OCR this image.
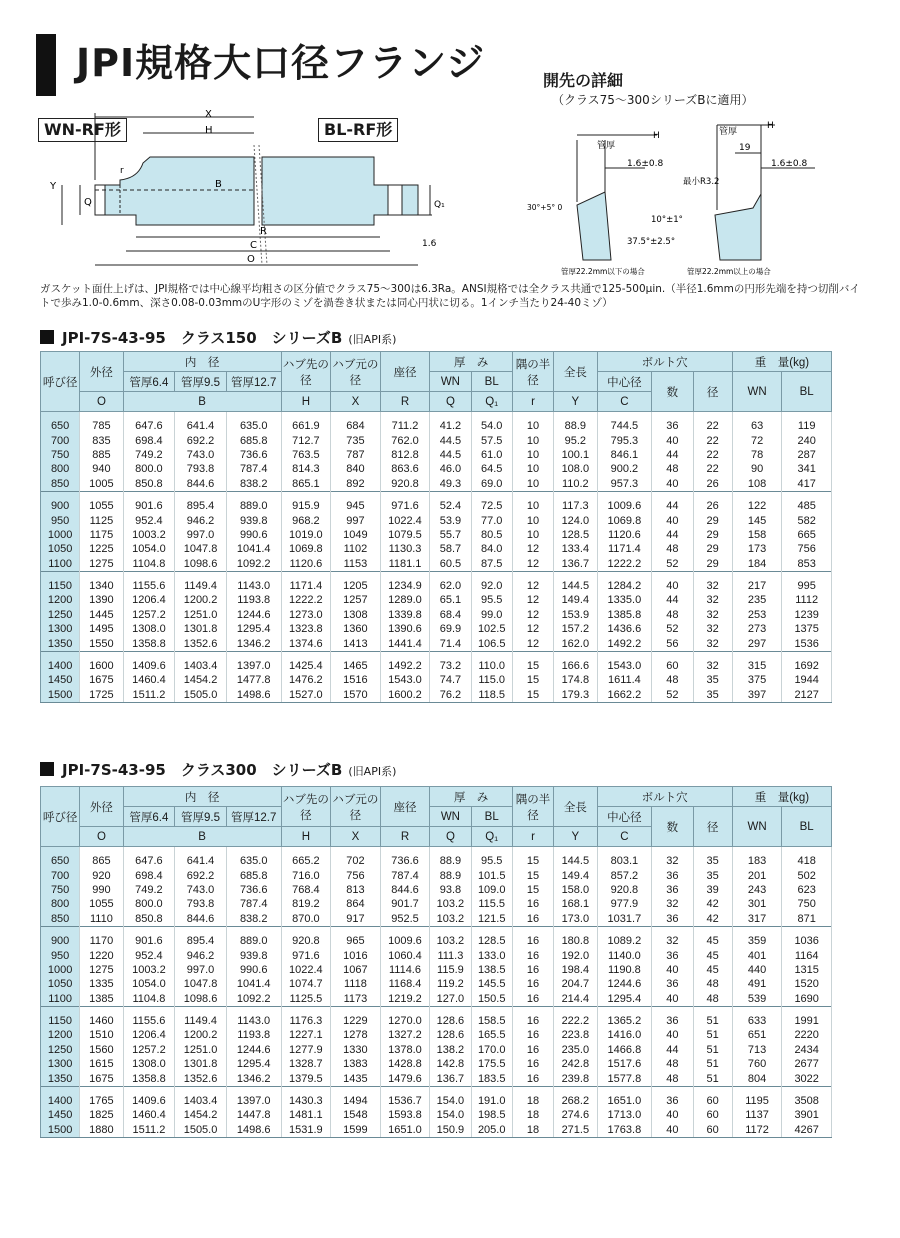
JPI規格大口径フランジ
WN-RF形	BL-RF形
X
H
r
Y
Q
B
R
C
O
Q₁
1.6
開先の詳細
（クラス75～300シリーズBに適用）
H
管厚
1.6±0.8
30°+5° 0
H
管厚
19
最小R3.2
1.6±0.8
10°±1°
37.5°±2.5°
管厚22.2mm以下の場合	管厚22.2mm以上の場合
ガスケット面仕上げは、JPI規格では中心線平均粗さの区分値でクラス75～300は6.3Ra。ANSI規格では全クラス共通で125-500μin.（半径1.6mmの円形先端を持つ切削バイトで歩み1.0-0.6mm、深さ0.08-0.03mmのU字形のミゾを渦巻き状または同心円状に切る。1インチ当たり24-40ミゾ）
JPI-7S-43-95　クラス150　シリーズB (旧API系)
呼び径	外径	内　径			ハブ先の 径	ハブ元の 径	座径	厚　み		隅の半径	全長	ボルト穴			重　量(kg)	
		管厚6.4	管厚9.5	管厚12.7				WN	BL			中心径	数	径	WN	BL
	O	B			H	X	R	Q	Q₁	r	Y	C				
650	785	647.6	641.4	635.0	661.9	684	711.2	41.2	54.0	10	88.9	744.5	36	22	63	119
700	835	698.4	692.2	685.8	712.7	735	762.0	44.5	57.5	10	95.2	795.3	40	22	72	240
750	885	749.2	743.0	736.6	763.5	787	812.8	44.5	61.0	10	100.1	846.1	44	22	78	287
800	940	800.0	793.8	787.4	814.3	840	863.6	46.0	64.5	10	108.0	900.2	48	22	90	341
850	1005	850.8	844.6	838.2	865.1	892	920.8	49.3	69.0	10	110.2	957.3	40	26	108	417
900	1055	901.6	895.4	889.0	915.9	945	971.6	52.4	72.5	10	117.3	1009.6	44	26	122	485
950	1125	952.4	946.2	939.8	968.2	997	1022.4	53.9	77.0	10	124.0	1069.8	40	29	145	582
1000	1175	1003.2	997.0	990.6	1019.0	1049	1079.5	55.7	80.5	10	128.5	1120.6	44	29	158	665
1050	1225	1054.0	1047.8	1041.4	1069.8	1102	1130.3	58.7	84.0	12	133.4	1171.4	48	29	173	756
1100	1275	1104.8	1098.6	1092.2	1120.6	1153	1181.1	60.5	87.5	12	136.7	1222.2	52	29	184	853
1150	1340	1155.6	1149.4	1143.0	1171.4	1205	1234.9	62.0	92.0	12	144.5	1284.2	40	32	217	995
1200	1390	1206.4	1200.2	1193.8	1222.2	1257	1289.0	65.1	95.5	12	149.4	1335.0	44	32	235	1112
1250	1445	1257.2	1251.0	1244.6	1273.0	1308	1339.8	68.4	99.0	12	153.9	1385.8	48	32	253	1239
1300	1495	1308.0	1301.8	1295.4	1323.8	1360	1390.6	69.9	102.5	12	157.2	1436.6	52	32	273	1375
1350	1550	1358.8	1352.6	1346.2	1374.6	1413	1441.4	71.4	106.5	12	162.0	1492.2	56	32	297	1536
1400	1600	1409.6	1403.4	1397.0	1425.4	1465	1492.2	73.2	110.0	15	166.6	1543.0	60	32	315	1692
1450	1675	1460.4	1454.2	1477.8	1476.2	1516	1543.0	74.7	115.0	15	174.8	1611.4	48	35	375	1944
1500	1725	1511.2	1505.0	1498.6	1527.0	1570	1600.2	76.2	118.5	15	179.3	1662.2	52	35	397	2127
JPI-7S-43-95　クラス300　シリーズB (旧API系)
呼び径	外径	内　径			ハブ先の 径	ハブ元の 径	座径	厚　み		隅の半径	全長	ボルト穴			重　量(kg)	
		管厚6.4	管厚9.5	管厚12.7				WN	BL			中心径	数	径	WN	BL
	O	B			H	X	R	Q	Q₁	r	Y	C				
650	865	647.6	641.4	635.0	665.2	702	736.6	88.9	95.5	15	144.5	803.1	32	35	183	418
700	920	698.4	692.2	685.8	716.0	756	787.4	88.9	101.5	15	149.4	857.2	36	35	201	502
750	990	749.2	743.0	736.6	768.4	813	844.6	93.8	109.0	15	158.0	920.8	36	39	243	623
800	1055	800.0	793.8	787.4	819.2	864	901.7	103.2	115.5	16	168.1	977.9	32	42	301	750
850	1110	850.8	844.6	838.2	870.0	917	952.5	103.2	121.5	16	173.0	1031.7	36	42	317	871
900	1170	901.6	895.4	889.0	920.8	965	1009.6	103.2	128.5	16	180.8	1089.2	32	45	359	1036
950	1220	952.4	946.2	939.8	971.6	1016	1060.4	111.3	133.0	16	192.0	1140.0	36	45	401	1164
1000	1275	1003.2	997.0	990.6	1022.4	1067	1114.6	115.9	138.5	16	198.4	1190.8	40	45	440	1315
1050	1335	1054.0	1047.8	1041.4	1074.7	1118	1168.4	119.2	145.5	16	204.7	1244.6	36	48	491	1520
1100	1385	1104.8	1098.6	1092.2	1125.5	1173	1219.2	127.0	150.5	16	214.4	1295.4	40	48	539	1690
1150	1460	1155.6	1149.4	1143.0	1176.3	1229	1270.0	128.6	158.5	16	222.2	1365.2	36	51	633	1991
1200	1510	1206.4	1200.2	1193.8	1227.1	1278	1327.2	128.6	165.5	16	223.8	1416.0	40	51	651	2220
1250	1560	1257.2	1251.0	1244.6	1277.9	1330	1378.0	138.2	170.0	16	235.0	1466.8	44	51	713	2434
1300	1615	1308.0	1301.8	1295.4	1328.7	1383	1428.8	142.8	175.5	16	242.8	1517.6	48	51	760	2677
1350	1675	1358.8	1352.6	1346.2	1379.5	1435	1479.6	136.7	183.5	16	239.8	1577.8	48	51	804	3022
1400	1765	1409.6	1403.4	1397.0	1430.3	1494	1536.7	154.0	191.0	18	268.2	1651.0	36	60	1195	3508
1450	1825	1460.4	1454.2	1447.8	1481.1	1548	1593.8	154.0	198.5	18	274.6	1713.0	40	60	1137	3901
1500	1880	1511.2	1505.0	1498.6	1531.9	1599	1651.0	150.9	205.0	18	271.5	1763.8	40	60	1172	4267
